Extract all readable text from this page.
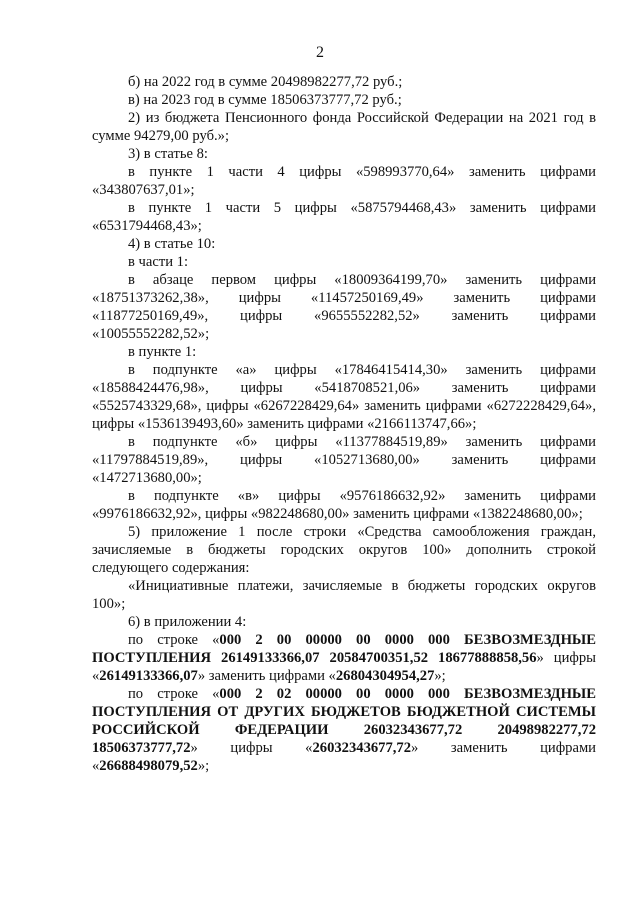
2

б) на 2022 год в сумме 20498982277,72 руб.;

в) на 2023 год в сумме 18506373777,72 руб.;

2) из бюджета Пенсионного фонда Российской Федерации на 2021 год в сумме 94279,00 руб.»;

3) в статье 8:

в пункте 1 части 4 цифры «598993770,64» заменить цифрами «343807637,01»;

в пункте 1 части 5 цифры «5875794468,43» заменить цифрами «6531794468,43»;

4) в статье 10:

в части 1:

в абзаце первом цифры «18009364199,70» заменить цифрами «18751373262,38», цифры «11457250169,49» заменить цифрами «11877250169,49», цифры «9655552282,52» заменить цифрами «10055552282,52»;

в пункте 1:

в подпункте «а» цифры «17846415414,30» заменить цифрами «18588424476,98», цифры «5418708521,06» заменить цифрами «5525743329,68», цифры «6267228429,64» заменить цифрами «6272228429,64», цифры «1536139493,60» заменить цифрами «2166113747,66»;

в подпункте «б» цифры «11377884519,89» заменить цифрами «11797884519,89», цифры «1052713680,00» заменить цифрами «1472713680,00»;

в подпункте «в» цифры «9576186632,92» заменить цифрами «9976186632,92», цифры «982248680,00» заменить цифрами «1382248680,00»;

5) приложение 1 после строки «Средства самообложения граждан, зачисляемые в бюджеты городских округов 100» дополнить строкой следующего содержания:

«Инициативные платежи, зачисляемые в бюджеты городских округов 100»;

6) в приложении 4:

по строке «000 2 00 00000 00 0000 000 БЕЗВОЗМЕЗДНЫЕ ПОСТУПЛЕНИЯ 26149133366,07 20584700351,52 18677888858,56» цифры «26149133366,07» заменить цифрами «26804304954,27»;

по строке «000 2 02 00000 00 0000 000 БЕЗВОЗМЕЗДНЫЕ ПОСТУПЛЕНИЯ ОТ ДРУГИХ БЮДЖЕТОВ БЮДЖЕТНОЙ СИСТЕМЫ РОССИЙСКОЙ ФЕДЕРАЦИИ 26032343677,72 20498982277,72 18506373777,72» цифры «26032343677,72» заменить цифрами «26688498079,52»;
